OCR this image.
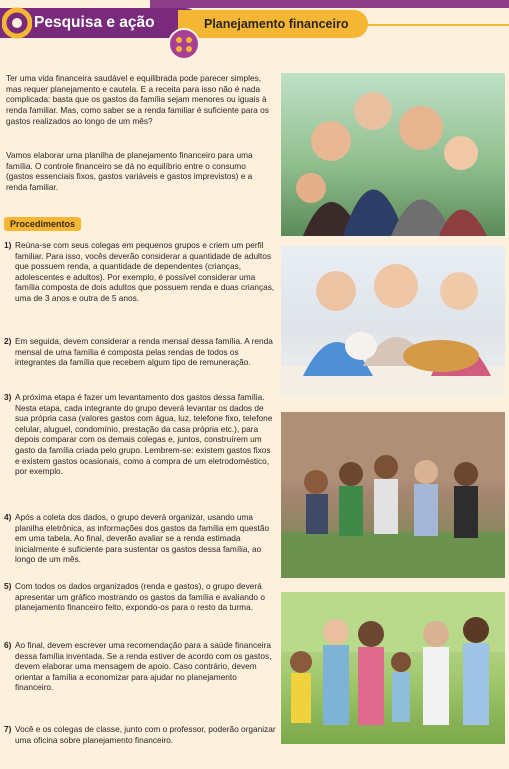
Pesquisa e ação	Planejamento financeiro

Ter uma vida financeira saudável e equilibrada pode parecer simples, mas requer planejamento e cautela. E a receita para isso não é nada complicada: basta que os gastos da família sejam menores ou iguais à renda familiar. Mas, como saber se a renda familiar é suficiente para os gastos realizados ao longo de um mês?

Vamos elaborar uma planilha de planejamento financeiro para uma família. O controle financeiro se dá no equilíbrio entre o consumo (gastos essenciais fixos, gastos variáveis e gastos imprevistos) e a renda familiar.

Procedimentos
1) Reúna-se com seus colegas em pequenos grupos e criem um perfil familiar. Para isso, vocês deverão considerar a quantidade de adultos que possuem renda, a quantidade de dependentes (crianças, adolescentes e adultos). Por exemplo, é possível considerar uma família composta de dois adultos que possuem renda e duas crianças, uma de 3 anos e outra de 5 anos.
2) Em seguida, devem considerar a renda mensal dessa família. A renda mensal de uma família é composta pelas rendas de todos os integrantes da família que recebem algum tipo de remuneração.
3) A próxima etapa é fazer um levantamento dos gastos dessa família. Nesta etapa, cada integrante do grupo deverá levantar os dados de sua própria casa (valores gastos com água, luz, telefone fixo, telefone celular, aluguel, condomínio, prestação da casa própria etc.), para depois comparar com os demais colegas e, juntos, construírem um gasto da família criada pelo grupo. Lembrem-se: existem gastos fixos e existem gastos ocasionais, como a compra de um eletrodoméstico, por exemplo.
4) Após a coleta dos dados, o grupo deverá organizar, usando uma planilha eletrônica, as informações dos gastos da família em questão em uma tabela. Ao final, deverão avaliar se a renda estimada inicialmente é suficiente para sustentar os gastos dessa família, ao longo de um mês.
5) Com todos os dados organizados (renda e gastos), o grupo deverá apresentar um gráfico mostrando os gastos da família e avaliando o planejamento financeiro feito, expondo-os para o resto da turma.
6) Ao final, devem escrever uma recomendação para a saúde financeira dessa família inventada. Se a renda estiver de acordo com os gastos, devem elaborar uma mensagem de apoio. Caso contrário, devem orientar a família a economizar para ajudar no planejamento financeiro.
7) Você e os colegas de classe, junto com o professor, poderão organizar uma oficina sobre planejamento financeiro.
